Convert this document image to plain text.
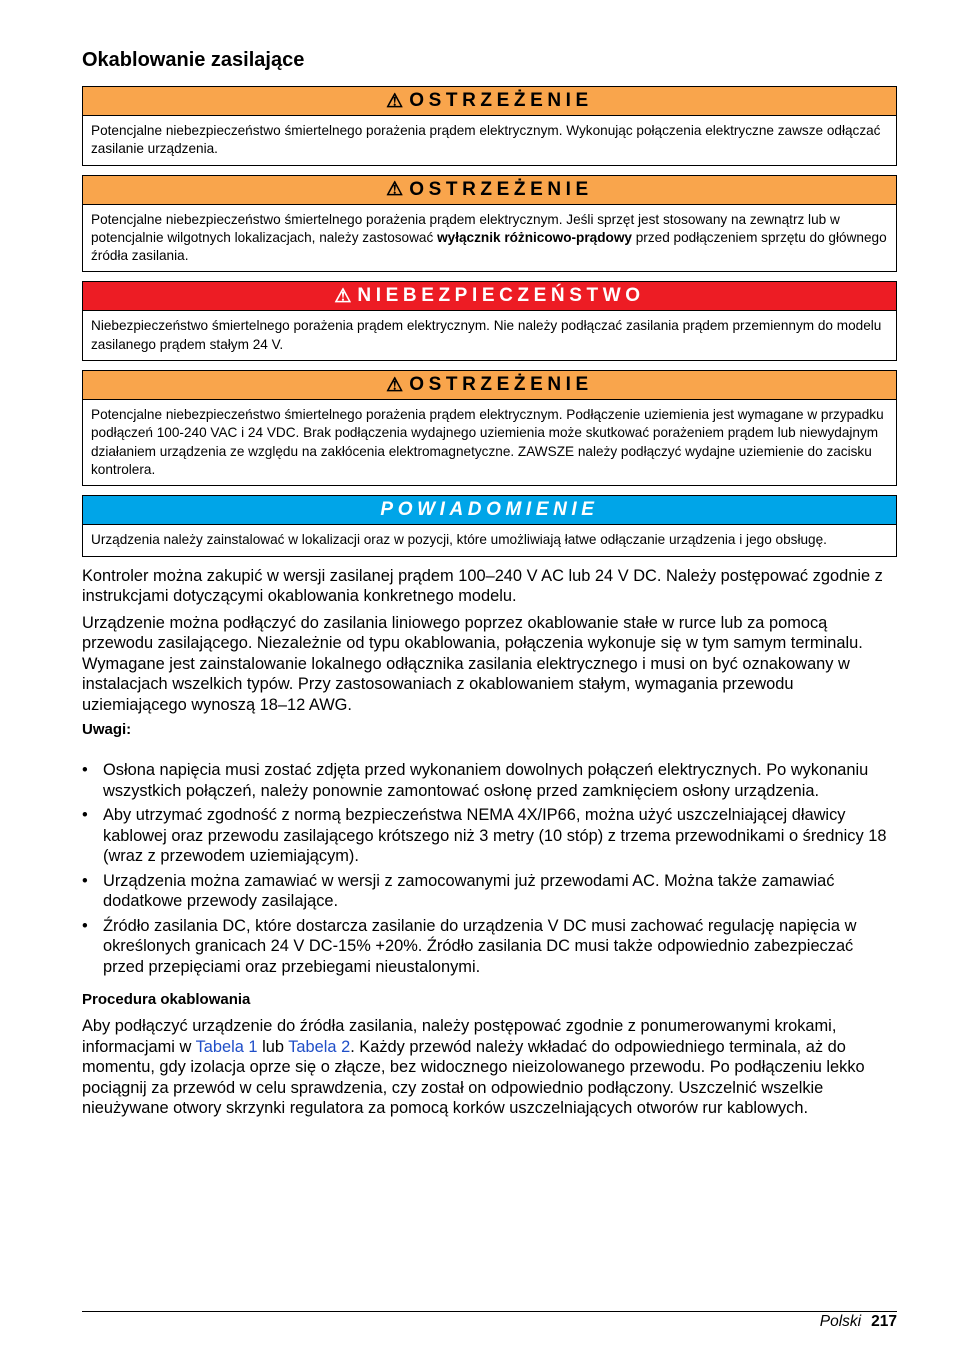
Okablowanie zasilające
⚠ OSTRZEŻENIE
Potencjalne niebezpieczeństwo śmiertelnego porażenia prądem elektrycznym. Wykonując połączenia elektryczne zawsze odłączać zasilanie urządzenia.
⚠ OSTRZEŻENIE
Potencjalne niebezpieczeństwo śmiertelnego porażenia prądem elektrycznym. Jeśli sprzęt jest stosowany na zewnątrz lub w potencjalnie wilgotnych lokalizacjach, należy zastosować wyłącznik różnicowo-prądowy przed podłączeniem sprzętu do głównego źródła zasilania.
⚠ NIEBEZPIECZEŃSTWO
Niebezpieczeństwo śmiertelnego porażenia prądem elektrycznym. Nie należy podłączać zasilania prądem przemiennym do modelu zasilanego prądem stałym 24 V.
⚠ OSTRZEŻENIE
Potencjalne niebezpieczeństwo śmiertelnego porażenia prądem elektrycznym. Podłączenie uziemienia jest wymagane w przypadku podłączeń 100-240 VAC i 24 VDC. Brak podłączenia wydajnego uziemienia może skutkować porażeniem prądem lub niewydajnym działaniem urządzenia ze względu na zakłócenia elektromagnetyczne. ZAWSZE należy podłączyć wydajne uziemienie do zacisku kontrolera.
POWIADOMIENIE
Urządzenia należy zainstalować w lokalizacji oraz w pozycji, które umożliwiają łatwe odłączanie urządzenia i jego obsługę.

Kontroler można zakupić w wersji zasilanej prądem 100–240 V AC lub 24 V DC. Należy postępować zgodnie z instrukcjami dotyczącymi okablowania konkretnego modelu.

Urządzenie można podłączyć do zasilania liniowego poprzez okablowanie stałe w rurce lub za pomocą przewodu zasilającego. Niezależnie od typu okablowania, połączenia wykonuje się w tym samym terminalu. Wymagane jest zainstalowanie lokalnego odłącznika zasilania elektrycznego i musi on być oznakowany w instalacjach wszelkich typów. Przy zastosowaniach z okablowaniem stałym, wymagania przewodu uziemiającego wynoszą 18–12 AWG.

Uwagi:
• Osłona napięcia musi zostać zdjęta przed wykonaniem dowolnych połączeń elektrycznych. Po wykonaniu wszystkich połączeń, należy ponownie zamontować osłonę przed zamknięciem osłony urządzenia.
• Aby utrzymać zgodność z normą bezpieczeństwa NEMA 4X/IP66, można użyć uszczelniającej dławicy kablowej oraz przewodu zasilającego krótszego niż 3 metry (10 stóp) z trzema przewodnikami o średnicy 18 (wraz z przewodem uziemiającym).
• Urządzenia można zamawiać w wersji z zamocowanymi już przewodami AC. Można także zamawiać dodatkowe przewody zasilające.
• Źródło zasilania DC, które dostarcza zasilanie do urządzenia V DC musi zachować regulację napięcia w określonych granicach 24 V DC-15% +20%. Źródło zasilania DC musi także odpowiednio zabezpieczać przed przepięciami oraz przebiegami nieustalonymi.
Procedura okablowania

Aby podłączyć urządzenie do źródła zasilania, należy postępować zgodnie z ponumerowanymi krokami, informacjami w Tabela 1 lub Tabela 2. Każdy przewód należy wkładać do odpowiedniego terminala, aż do momentu, gdy izolacja oprze się o złącze, bez widocznego nieizolowanego przewodu. Po podłączeniu lekko pociągnij za przewód w celu sprawdzenia, czy został on odpowiednio podłączony. Uszczelnić wszelkie nieużywane otwory skrzynki regulatora za pomocą korków uszczelniających otworów rur kablowych.

Polski 217
